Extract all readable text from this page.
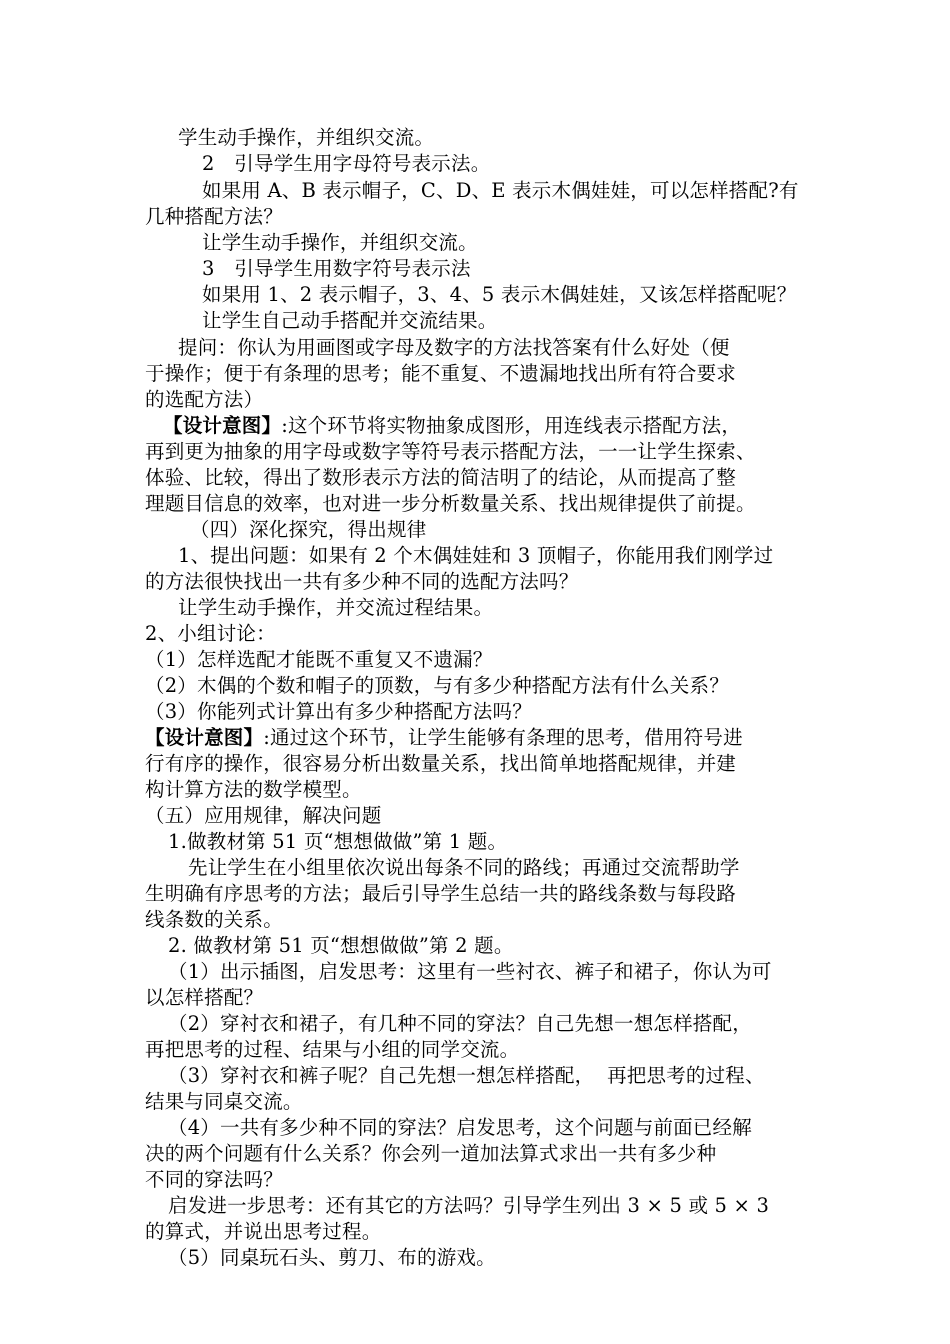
学生动手操作，并组织交流。
2　引导学生用字母符号表示法。
如果用 A、B 表示帽子，C、D、E 表示木偶娃娃，可以怎样搭配?有
几种搭配方法？
让学生动手操作，并组织交流。
3　引导学生用数字符号表示法
如果用 1、2 表示帽子，3、4、5 表示木偶娃娃，又该怎样搭配呢？
让学生自己动手搭配并交流结果。
提问：你认为用画图或字母及数字的方法找答案有什么好处（便
于操作；便于有条理的思考；能不重复、不遗漏地找出所有符合要求
的选配方法）
【设计意图】:这个环节将实物抽象成图形，用连线表示搭配方法，
再到更为抽象的用字母或数字等符号表示搭配方法，一一让学生探索、
体验、比较，得出了数形表示方法的简洁明了的结论，从而提高了整
理题目信息的效率，也对进一步分析数量关系、找出规律提供了前提。
（四）深化探究，得出规律
1、提出问题：如果有 2 个木偶娃娃和 3 顶帽子，你能用我们刚学过
的方法很快找出一共有多少种不同的选配方法吗？
让学生动手操作，并交流过程结果。
2、小组讨论：
（1）怎样选配才能既不重复又不遗漏？
（2）木偶的个数和帽子的顶数，与有多少种搭配方法有什么关系？
（3）你能列式计算出有多少种搭配方法吗？
【设计意图】:通过这个环节，让学生能够有条理的思考，借用符号进
行有序的操作，很容易分析出数量关系，找出简单地搭配规律，并建
构计算方法的数学模型。
（五）应用规律，解决问题
1.做教材第 51 页“想想做做”第 1 题。
先让学生在小组里依次说出每条不同的路线；再通过交流帮助学
生明确有序思考的方法；最后引导学生总结一共的路线条数与每段路
线条数的关系。
2. 做教材第 51 页“想想做做”第 2 题。
（1）出示插图，启发思考：这里有一些衬衣、裤子和裙子，你认为可
以怎样搭配？
（2）穿衬衣和裙子，有几种不同的穿法？自己先想一想怎样搭配，
再把思考的过程、结果与小组的同学交流。
（3）穿衬衣和裤子呢？自己先想一想怎样搭配，  再把思考的过程、
结果与同桌交流。
（4）一共有多少种不同的穿法？启发思考，这个问题与前面已经解
决的两个问题有什么关系？你会列一道加法算式求出一共有多少种
不同的穿法吗？
启发进一步思考：还有其它的方法吗？引导学生列出 3 × 5 或 5 × 3
的算式，并说出思考过程。
（5）同桌玩石头、剪刀、布的游戏。
